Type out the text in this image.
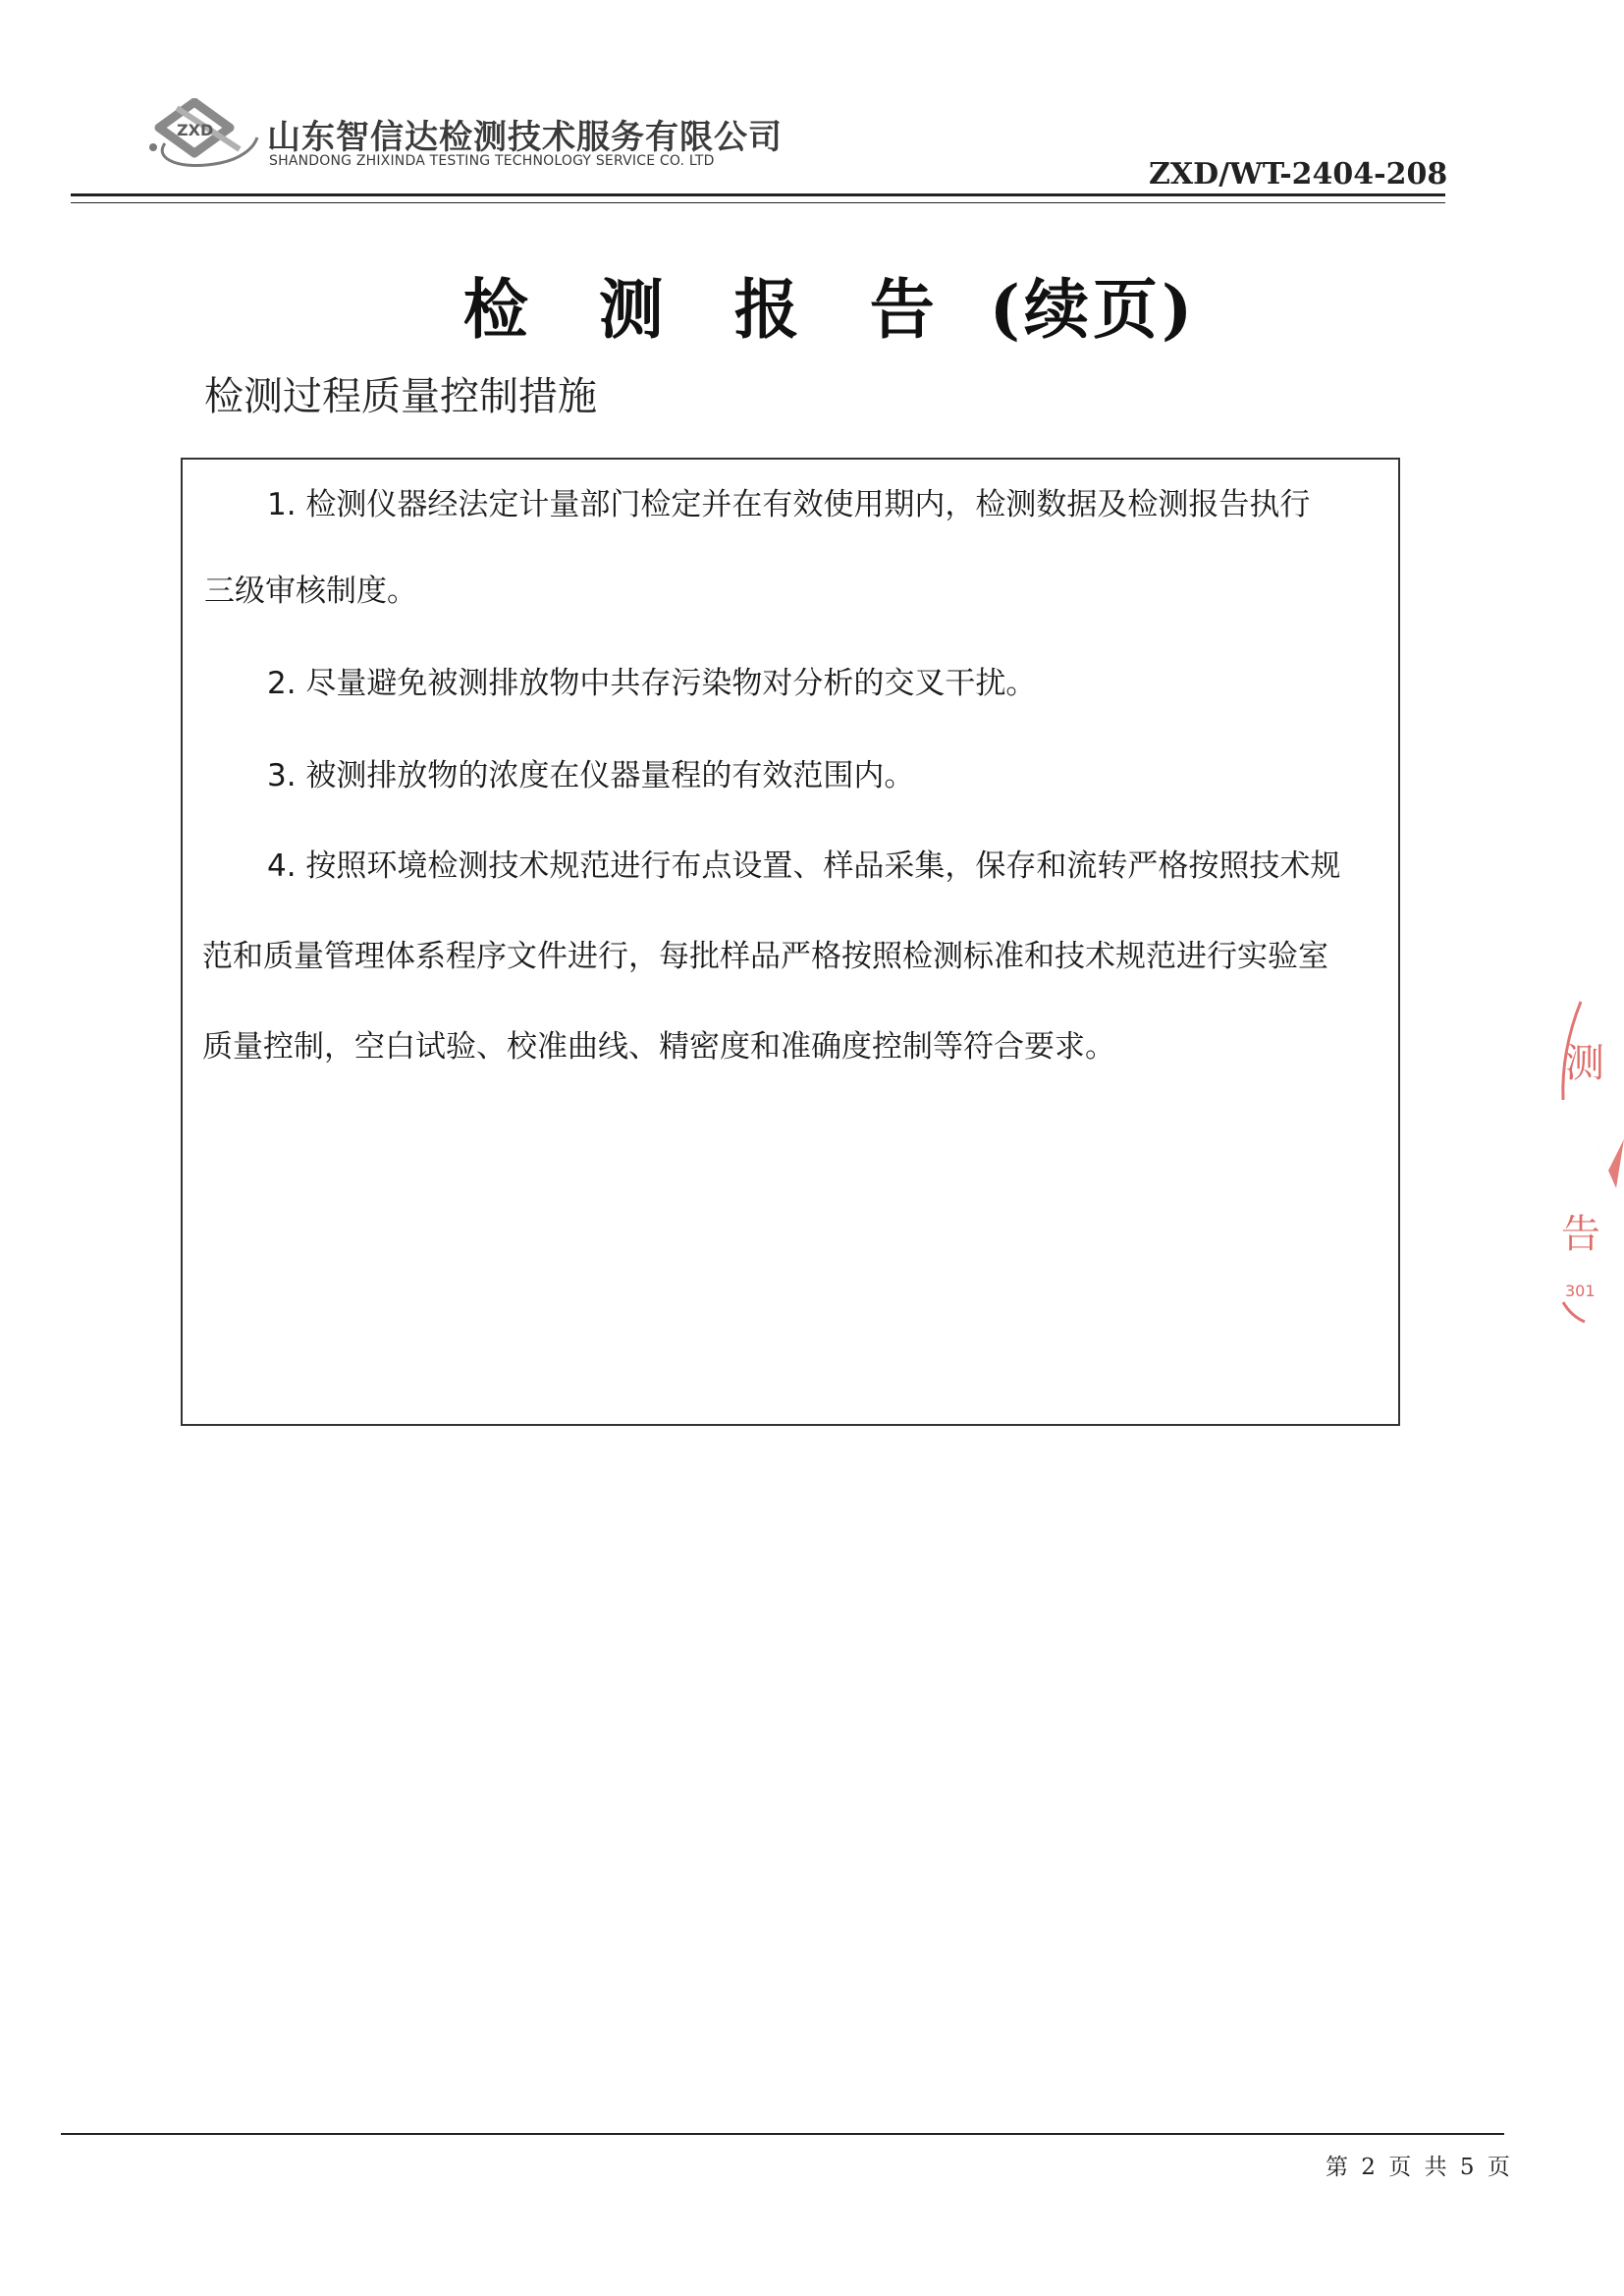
ZXD 山东智信达检测技术服务有限公司
SHANDONG ZHIXINDA TESTING TECHNOLOGY SERVICE CO. LTD	ZXD/WT-2404-208
检 测 报 告 (续页)
检测过程质量控制措施
1. 检测仪器经法定计量部门检定并在有效使用期内，检测数据及检测报告执行
三级审核制度。
2. 尽量避免被测排放物中共存污染物对分析的交叉干扰。
3. 被测排放物的浓度在仪器量程的有效范围内。
4. 按照环境检测技术规范进行布点设置、样品采集，保存和流转严格按照技术规
范和质量管理体系程序文件进行，每批样品严格按照检测标准和技术规范进行实验室
质量控制，空白试验、校准曲线、精密度和准确度控制等符合要求。	测
告
301
第 2 页 共 5 页
